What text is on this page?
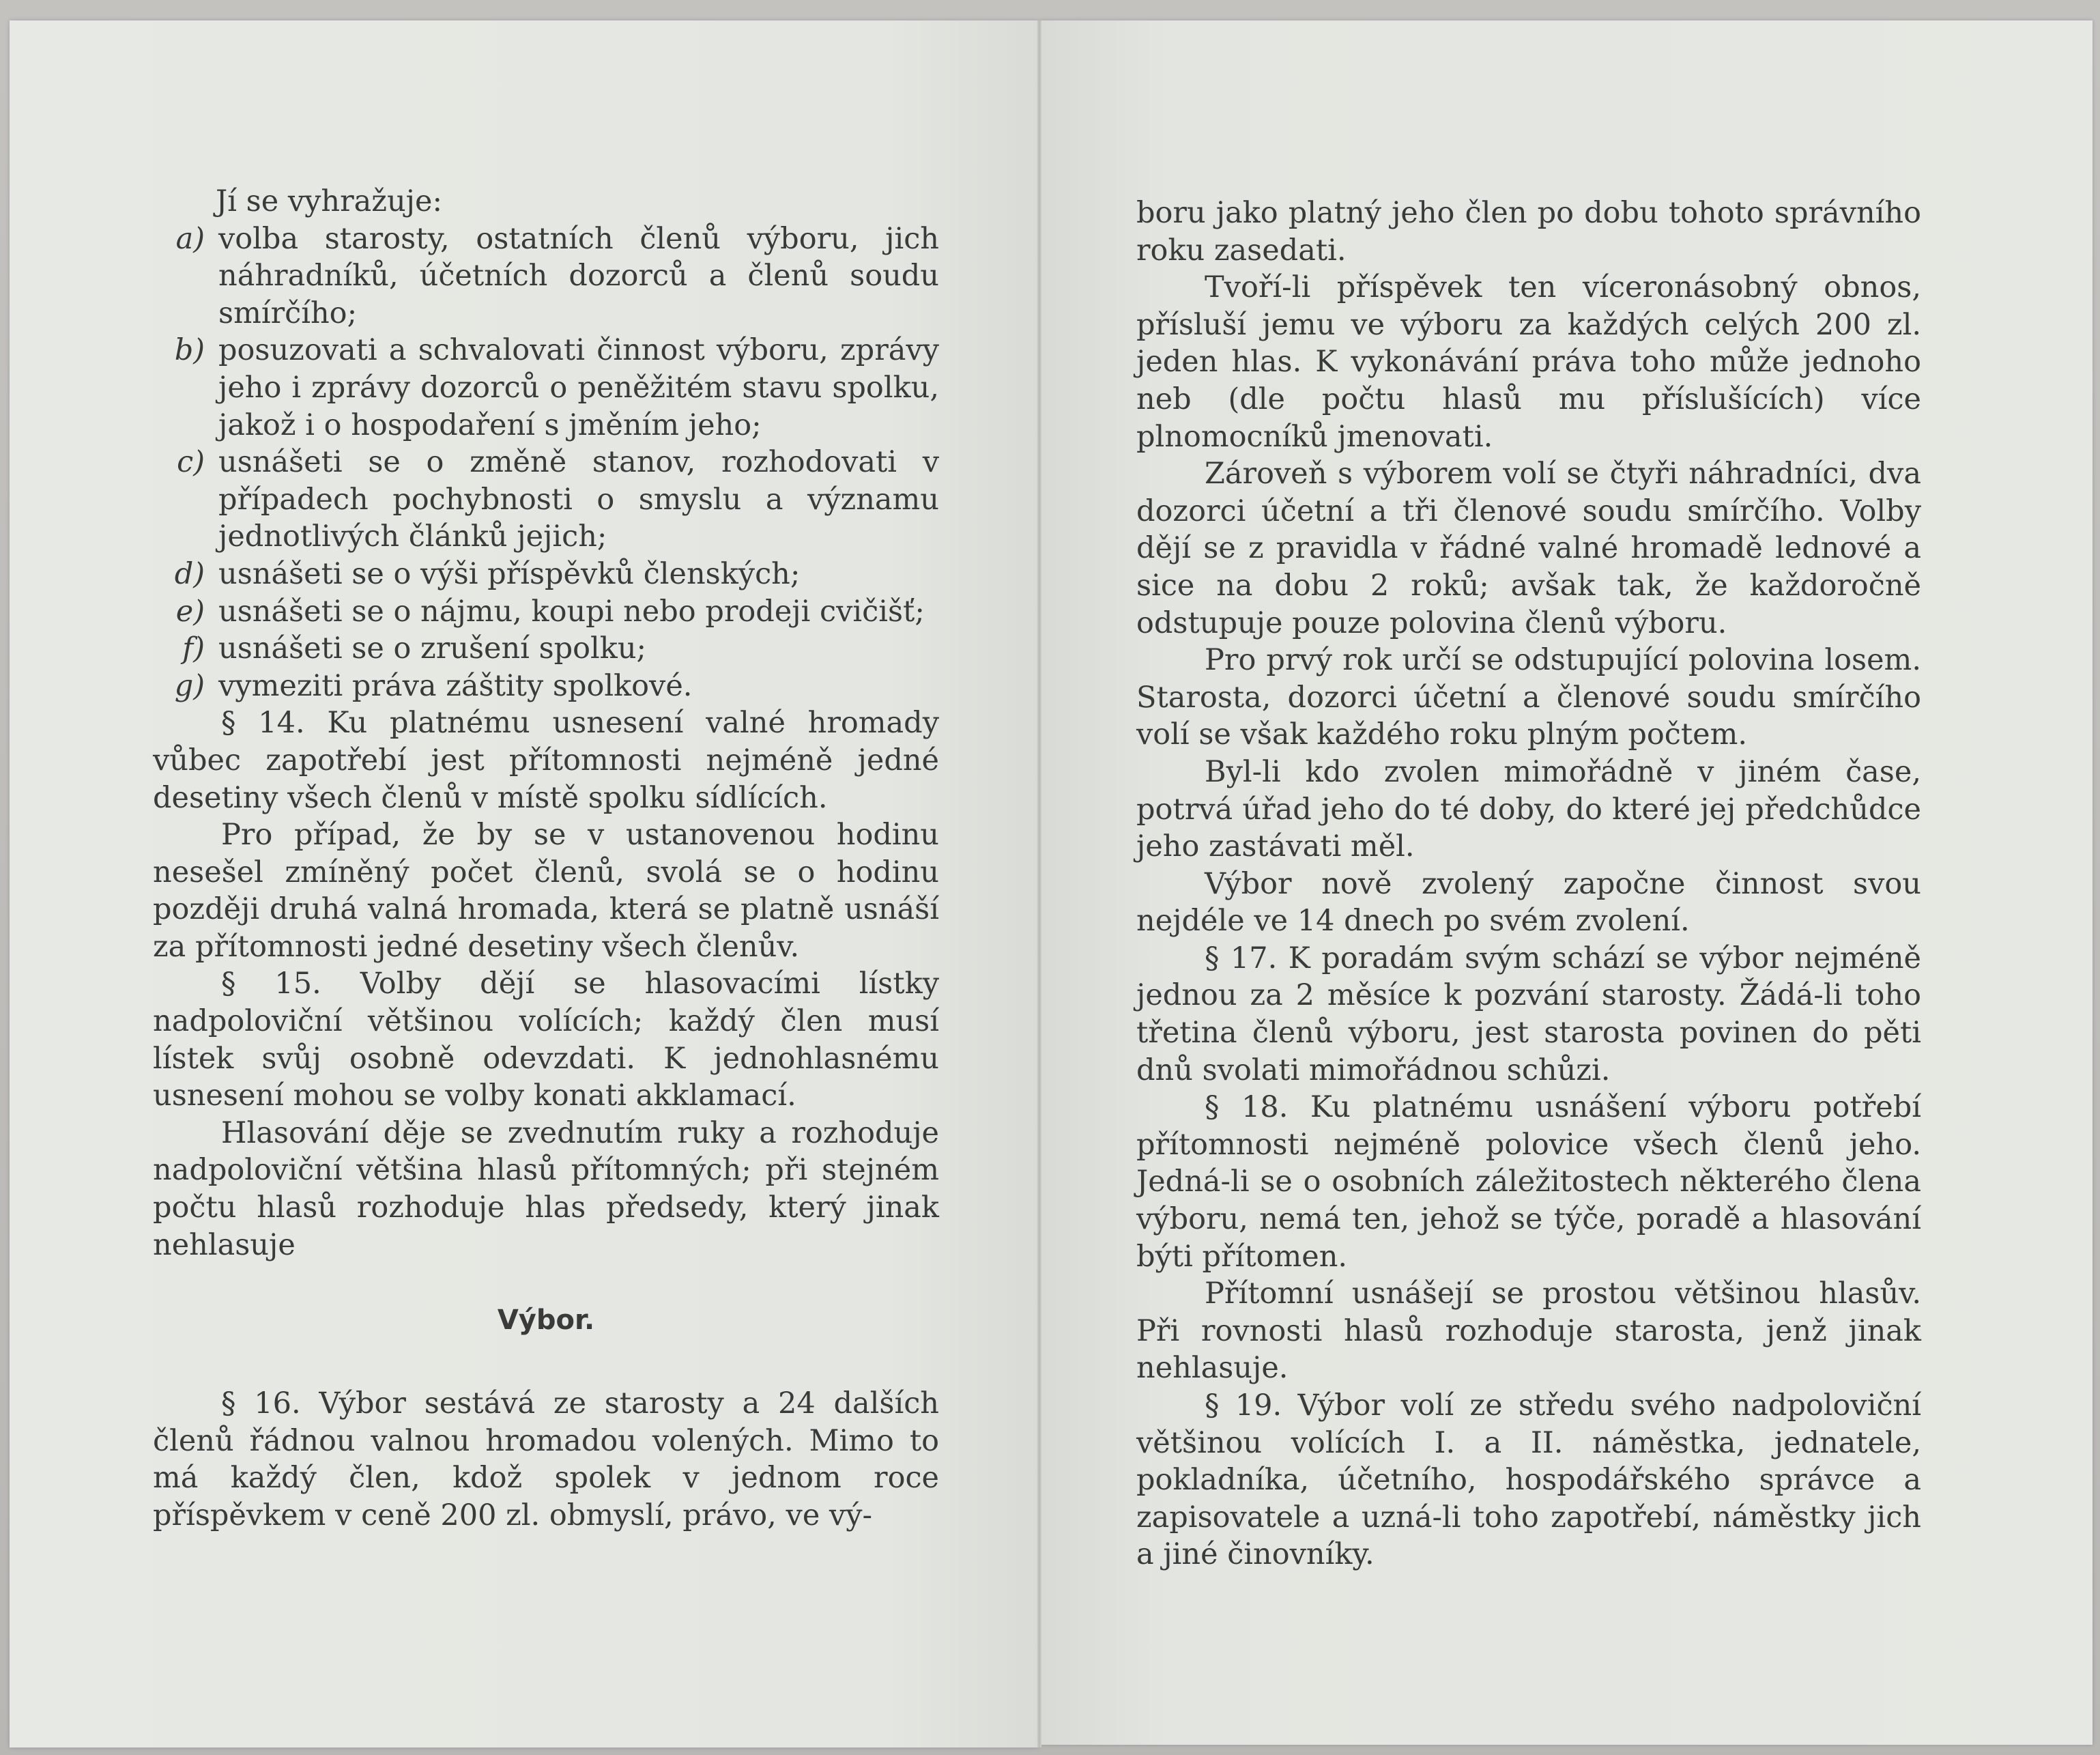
Jí se vyhražuje:

a) volba starosty, ostatních členů výboru, jich náhradníků, účetních dozorců a členů soudu smírčího;
b) posuzovati a schvalovati činnost výboru, zprávy jeho i zprávy dozorců o peněžitém stavu spolku, jakož i o hospodaření s jměním jeho;
c) usnášeti se o změně stanov, rozhodovati v případech pochybnosti o smyslu a významu jednotlivých článků jejich;
d) usnášeti se o výši příspěvků členských;
e) usnášeti se o nájmu, koupi nebo prodeji cvičišť;
f) usnášeti se o zrušení spolku;
g) vymeziti práva záštity spolkové.

§ 14. Ku platnému usnesení valné hromady vůbec zapotřebí jest přítomnosti nejméně jedné desetiny všech členů v místě spolku sídlících.

Pro případ, že by se v ustanovenou hodinu nesešel zmíněný počet členů, svolá se o hodinu později druhá valná hromada, která se platně usnáší za přítomnosti jedné desetiny všech členův.

§ 15. Volby dějí se hlasovacími lístky nadpoloviční většinou volících; každý člen musí lístek svůj osobně odevzdati. K jednohlasnému usnesení mohou se volby konati akklamací.

Hlasování děje se zvednutím ruky a rozhoduje nadpoloviční většina hlasů přítomných; při stejném počtu hlasů rozhoduje hlas předsedy, který jinak nehlasuje

Výbor.

§ 16. Výbor sestává ze starosty a 24 dalších členů řádnou valnou hromadou volených. Mimo to má každý člen, kdož spolek v jednom roce příspěvkem v ceně 200 zl. obmyslí, právo, ve vý-

boru jako platný jeho člen po dobu tohoto správního roku zasedati.

Tvoří-li příspěvek ten víceronásobný obnos, přísluší jemu ve výboru za každých celých 200 zl. jeden hlas. K vykonávání práva toho může jednoho neb (dle počtu hlasů mu příslušících) více plnomocníků jmenovati.

Zároveň s výborem volí se čtyři náhradníci, dva dozorci účetní a tři členové soudu smírčího. Volby dějí se z pravidla v řádné valné hromadě lednové a sice na dobu 2 roků; avšak tak, že každoročně odstupuje pouze polovina členů výboru.

Pro prvý rok určí se odstupující polovina losem. Starosta, dozorci účetní a členové soudu smírčího volí se však každého roku plným počtem.

Byl-li kdo zvolen mimořádně v jiném čase, potrvá úřad jeho do té doby, do které jej předchůdce jeho zastávati měl.

Výbor nově zvolený započne činnost svou nejdéle ve 14 dnech po svém zvolení.

§ 17. K poradám svým schází se výbor nejméně jednou za 2 měsíce k pozvání starosty. Žádá-li toho třetina členů výboru, jest starosta povinen do pěti dnů svolati mimořádnou schůzi.

§ 18. Ku platnému usnášení výboru potřebí přítomnosti nejméně polovice všech členů jeho. Jedná-li se o osobních záležitostech některého člena výboru, nemá ten, jehož se týče, poradě a hlasování býti přítomen.

Přítomní usnášejí se prostou většinou hlasův. Při rovnosti hlasů rozhoduje starosta, jenž jinak nehlasuje.

§ 19. Výbor volí ze středu svého nadpoloviční většinou volících I. a II. náměstka, jednatele, pokladníka, účetního, hospodářského správce a zapisovatele a uzná-li toho zapotřebí, náměstky jich a jiné činovníky.
